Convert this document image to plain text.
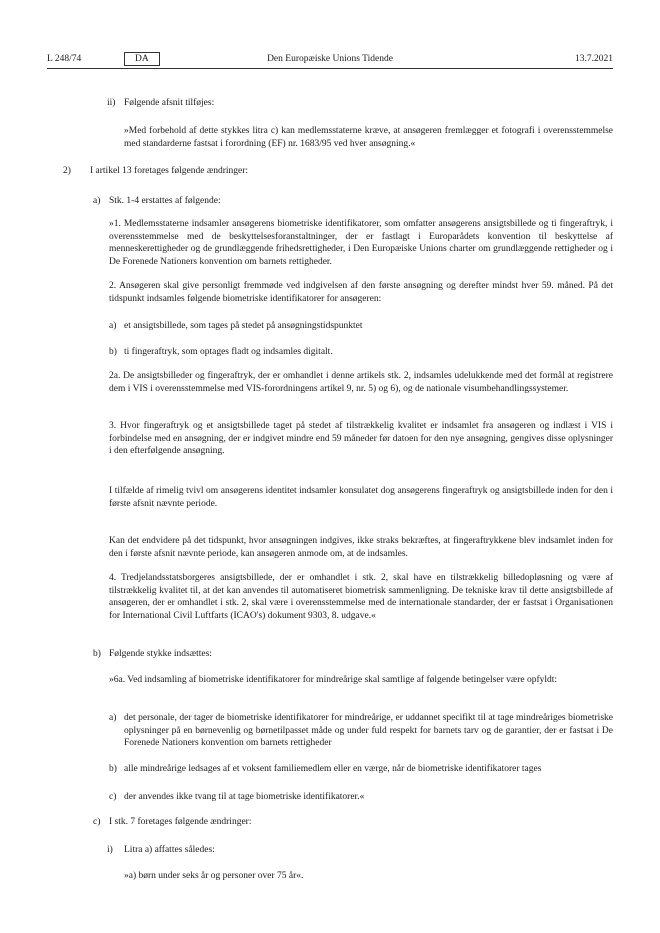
L 248/74	DA	Den Europæiske Unions Tidende	13.7.2021
ii) Følgende afsnit tilføjes:

»Med forbehold af dette stykkes litra c) kan medlemsstaterne kræve, at ansøgeren fremlægger et fotografi i overensstemmelse med standarderne fastsat i forordning (EF) nr. 1683/95 ved hver ansøgning.«

2) I artikel 13 foretages følgende ændringer:

a) Stk. 1-4 erstattes af følgende:

»1. Medlemsstaterne indsamler ansøgerens biometriske identifikatorer, som omfatter ansøgerens ansigtsbillede og ti fingeraftryk, i overensstemmelse med de beskyttelsesforanstaltninger, der er fastlagt i Europarådets konvention til beskyttelse af menneskerettigheder og de grundlæggende frihedsrettigheder, i Den Europæiske Unions charter om grundlæggende rettigheder og i De Forenede Nationers konvention om barnets rettigheder.

2. Ansøgeren skal give personligt fremmøde ved indgivelsen af den første ansøgning og derefter mindst hver 59. måned. På det tidspunkt indsamles følgende biometriske identifikatorer for ansøgeren:

a) et ansigtsbillede, som tages på stedet på ansøgningstidspunktet

b) ti fingeraftryk, som optages fladt og indsamles digitalt.

2a. De ansigtsbilleder og fingeraftryk, der er omhandlet i denne artikels stk. 2, indsamles udelukkende med det formål at registrere dem i VIS i overensstemmelse med VIS-forordningens artikel 9, nr. 5) og 6), og de nationale visumbehandlingssystemer.

3. Hvor fingeraftryk og et ansigtsbillede taget på stedet af tilstrækkelig kvalitet er indsamlet fra ansøgeren og indlæst i VIS i forbindelse med en ansøgning, der er indgivet mindre end 59 måneder før datoen for den nye ansøgning, gengives disse oplysninger i den efterfølgende ansøgning.

I tilfælde af rimelig tvivl om ansøgerens identitet indsamler konsulatet dog ansøgerens fingeraftryk og ansigtsbillede inden for den i første afsnit nævnte periode.

Kan det endvidere på det tidspunkt, hvor ansøgningen indgives, ikke straks bekræftes, at fingeraftrykkene blev indsamlet inden for den i første afsnit nævnte periode, kan ansøgeren anmode om, at de indsamles.

4. Tredjelandsstatsborgeres ansigtsbillede, der er omhandlet i stk. 2, skal have en tilstrækkelig billedopløsning og være af tilstrækkelig kvalitet til, at det kan anvendes til automatiseret biometrisk sammenligning. De tekniske krav til dette ansigtsbillede af ansøgeren, der er omhandlet i stk. 2, skal være i overensstemmelse med de internationale standarder, der er fastsat i Organisationen for International Civil Luftfarts (ICAO's) dokument 9303, 8. udgave.«

b) Følgende stykke indsættes:

»6a. Ved indsamling af biometriske identifikatorer for mindreårige skal samtlige af følgende betingelser være opfyldt:

a) det personale, der tager de biometriske identifikatorer for mindreårige, er uddannet specifikt til at tage mindreåriges biometriske oplysninger på en børnevenlig og børnetilpasset måde og under fuld respekt for barnets tarv og de garantier, der er fastsat i De Forenede Nationers konvention om barnets rettigheder

b) alle mindreårige ledsages af et voksent familiemedlem eller en værge, når de biometriske identifikatorer tages

c) der anvendes ikke tvang til at tage biometriske identifikatorer.«

c) I stk. 7 foretages følgende ændringer:

i) Litra a) affattes således:

»a) børn under seks år og personer over 75 år«.
